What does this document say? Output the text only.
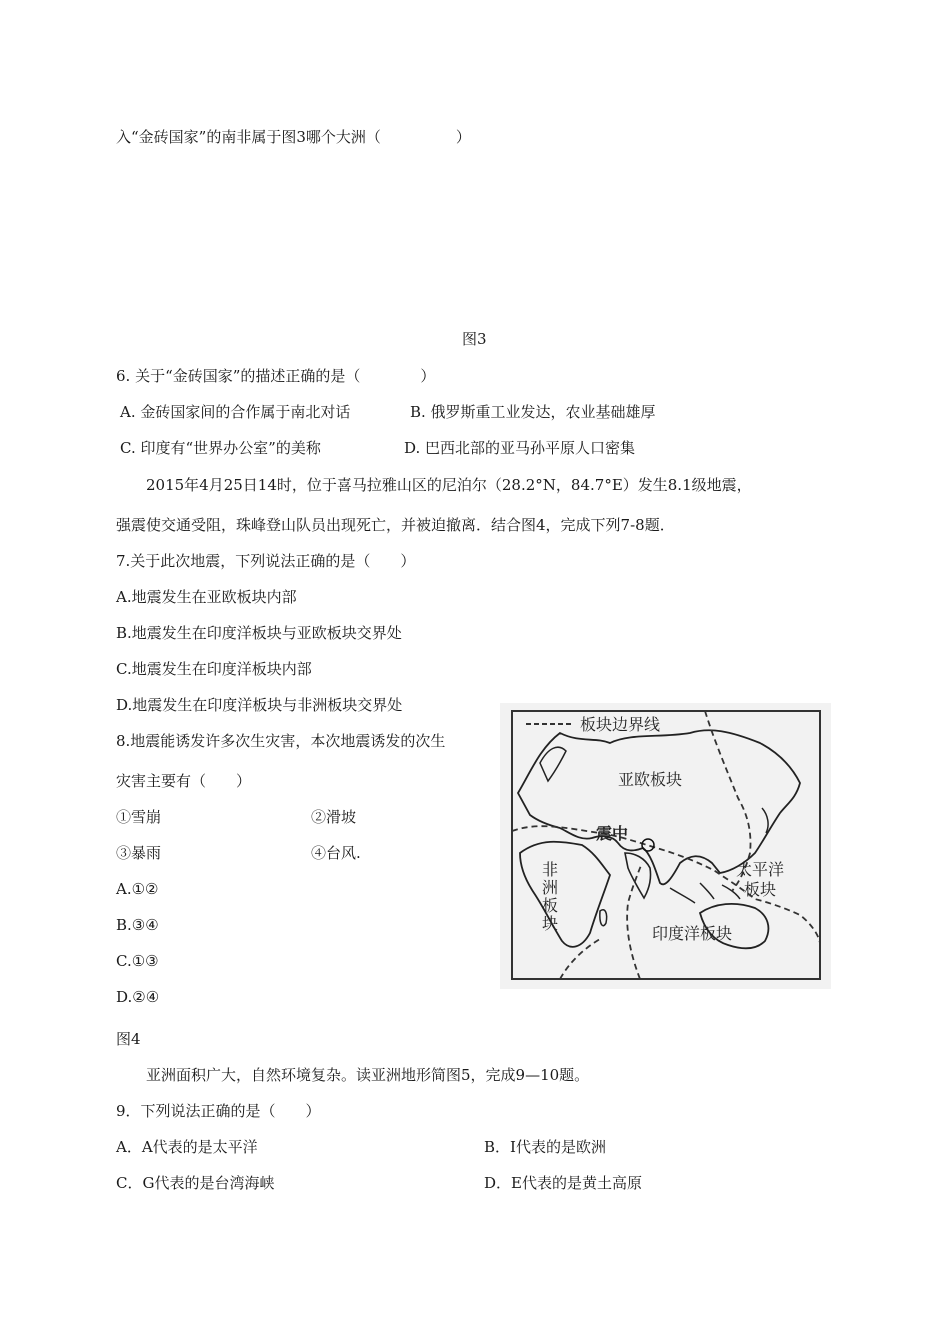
入“金砖国家”的南非属于图3哪个大洲（　　　　　）
图3
6. 关于“金砖国家”的描述正确的是（　　　　）
A. 金砖国家间的合作属于南北对话	B. 俄罗斯重工业发达，农业基础雄厚
C. 印度有“世界办公室”的美称	D. 巴西北部的亚马孙平原人口密集
2015年4月25日14时，位于喜马拉雅山区的尼泊尔（28.2°N，84.7°E）发生8.1级地震，
强震使交通受阻，珠峰登山队员出现死亡，并被迫撤离．结合图4，完成下列7-8题．
7.关于此次地震，下列说法正确的是（　　）
A.地震发生在亚欧板块内部
B.地震发生在印度洋板块与亚欧板块交界处
C.地震发生在印度洋板块内部
D.地震发生在印度洋板块与非洲板块交界处
8.地震能诱发许多次生灾害，本次地震诱发的次生
灾害主要有（　　）
①雪崩	②滑坡
③暴雨	④台风.
A.①②
B.③④
C.①③
D.②④
板块边界线
亚欧板块
震中
太平洋
板块
非
洲
板
块
印度洋板块
图4
亚洲面积广大，自然环境复杂。读亚洲地形简图5，完成9—10题。
9．下列说法正确的是（　　）
A．A代表的是太平洋	B．I代表的是欧洲
C．G代表的是台湾海峡	D．E代表的是黄土高原
